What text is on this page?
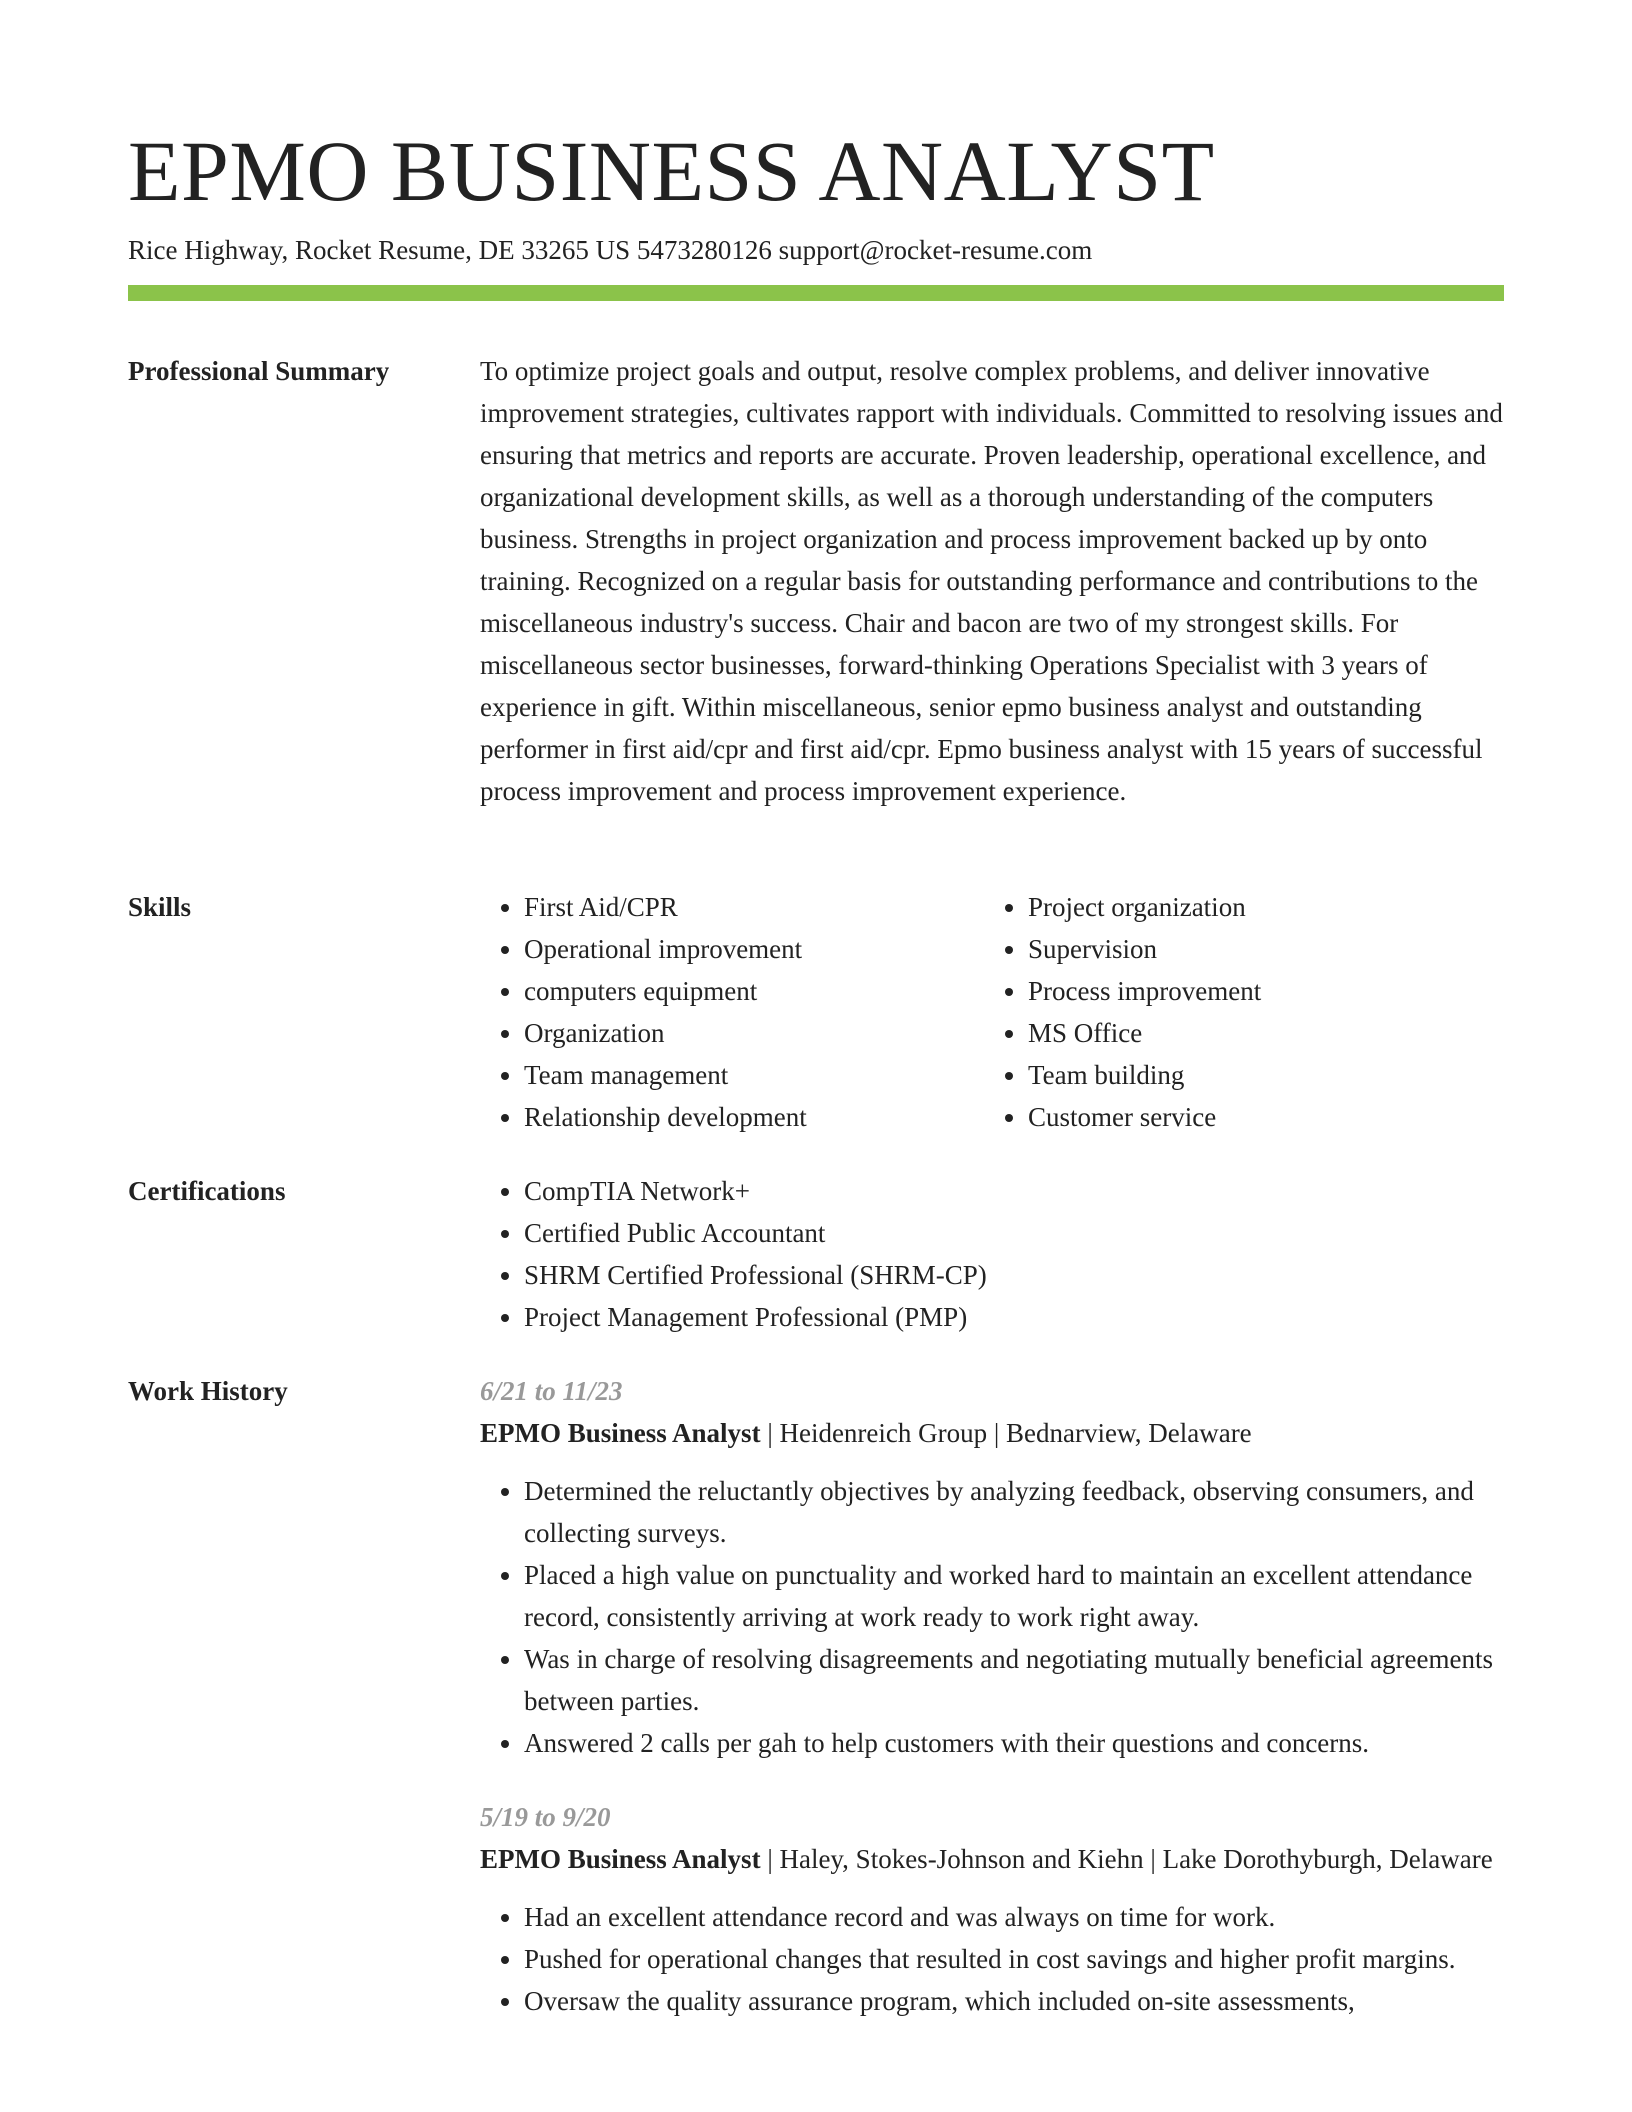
EPMO BUSINESS ANALYST
Rice Highway, Rocket Resume, DE 33265 US 5473280126 support@rocket-resume.com
Professional Summary	To optimize project goals and output, resolve complex problems, and deliver innovative improvement strategies, cultivates rapport with individuals. Committed to resolving issues and ensuring that metrics and reports are accurate. Proven leadership, operational excellence, and organizational development skills, as well as a thorough understanding of the computers business. Strengths in project organization and process improvement backed up by onto training. Recognized on a regular basis for outstanding performance and contributions to the miscellaneous industry's success. Chair and bacon are two of my strongest skills. For miscellaneous sector businesses, forward-thinking Operations Specialist with 3 years of experience in gift. Within miscellaneous, senior epmo business analyst and outstanding performer in first aid/cpr and first aid/cpr. Epmo business analyst with 15 years of successful process improvement and process improvement experience.

Skills	• First Aid/CPR
• Operational improvement
• computers equipment
• Organization
• Team management
• Relationship development
• Project organization
• Supervision
• Process improvement
• MS Office
• Team building
• Customer service
Certifications	• CompTIA Network+
• Certified Public Accountant
• SHRM Certified Professional (SHRM-CP)
• Project Management Professional (PMP)
Work History	6/21 to 11/23

EPMO Business Analyst | Heidenreich Group | Bednarview, Delaware

• Determined the reluctantly objectives by analyzing feedback, observing consumers, and collecting surveys.
• Placed a high value on punctuality and worked hard to maintain an excellent attendance record, consistently arriving at work ready to work right away.
• Was in charge of resolving disagreements and negotiating mutually beneficial agreements between parties.
• Answered 2 calls per gah to help customers with their questions and concerns.
5/19 to 9/20

EPMO Business Analyst | Haley, Stokes-Johnson and Kiehn | Lake Dorothyburgh, Delaware

• Had an excellent attendance record and was always on time for work.
• Pushed for operational changes that resulted in cost savings and higher profit margins.
• Oversaw the quality assurance program, which included on-site assessments,
